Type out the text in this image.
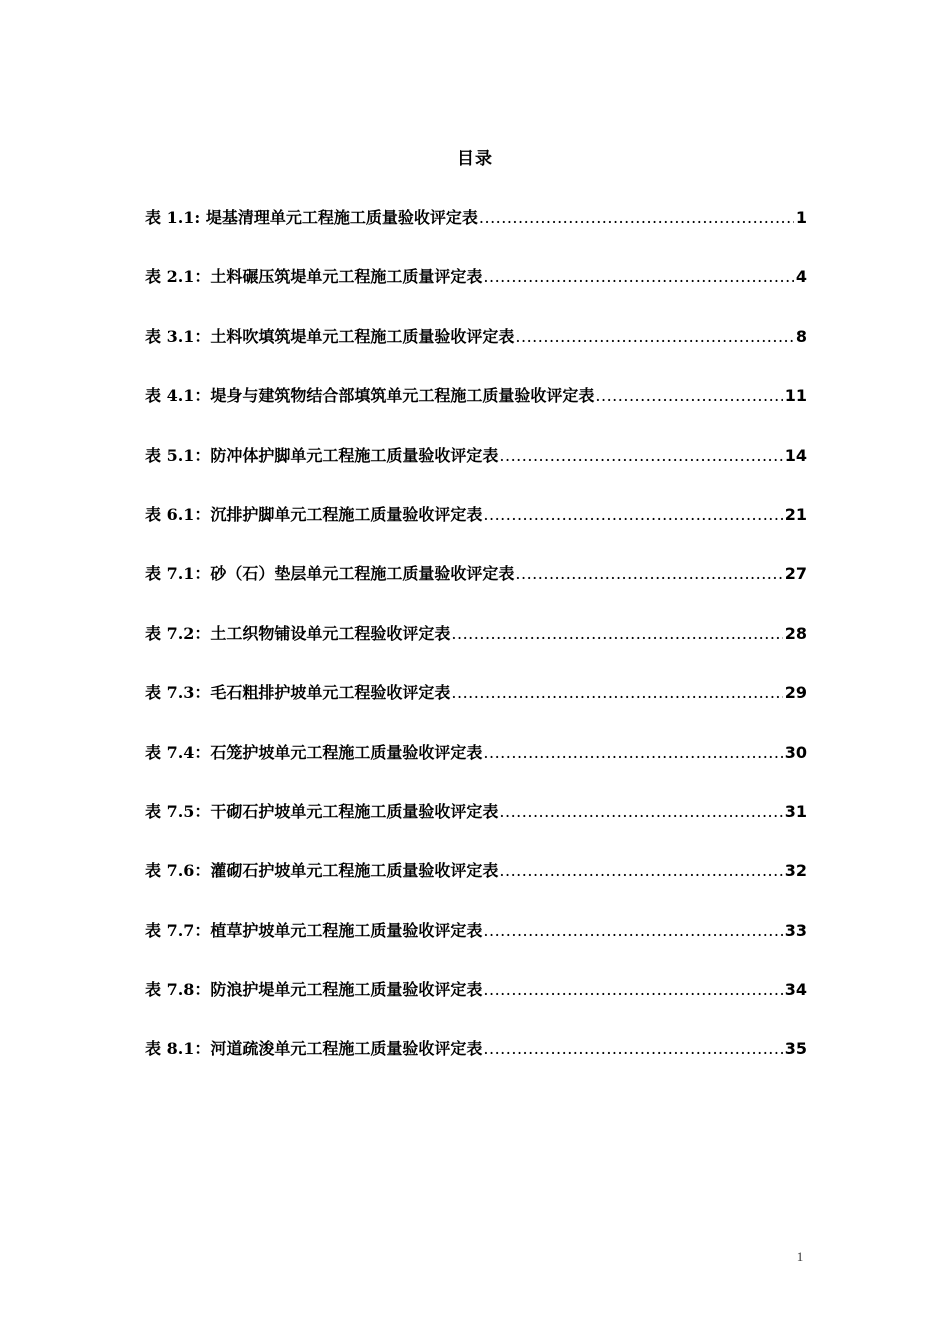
目录
表 1.1: 堤基清理单元工程施工质量验收评定表 .....	1
表 2.1：土料碾压筑堤单元工程施工质量评定表 .....	4
表 3.1：土料吹填筑堤单元工程施工质量验收评定表 .....	8
表 4.1：堤身与建筑物结合部填筑单元工程施工质量验收评定表 .....	11
表 5.1：防冲体护脚单元工程施工质量验收评定表 .....	14
表 6.1：沉排护脚单元工程施工质量验收评定表 .....	21
表 7.1：砂（石）垫层单元工程施工质量验收评定表 .....	27
表 7.2：土工织物铺设单元工程验收评定表 .....	28
表 7.3：毛石粗排护坡单元工程验收评定表 .....	29
表 7.4：石笼护坡单元工程施工质量验收评定表 .....	30
表 7.5：干砌石护坡单元工程施工质量验收评定表 .....	31
表 7.6：灌砌石护坡单元工程施工质量验收评定表 .....	32
表 7.7：植草护坡单元工程施工质量验收评定表 .....	33
表 7.8：防浪护堤单元工程施工质量验收评定表 .....	34
表 8.1：河道疏浚单元工程施工质量验收评定表 .....	35
1
